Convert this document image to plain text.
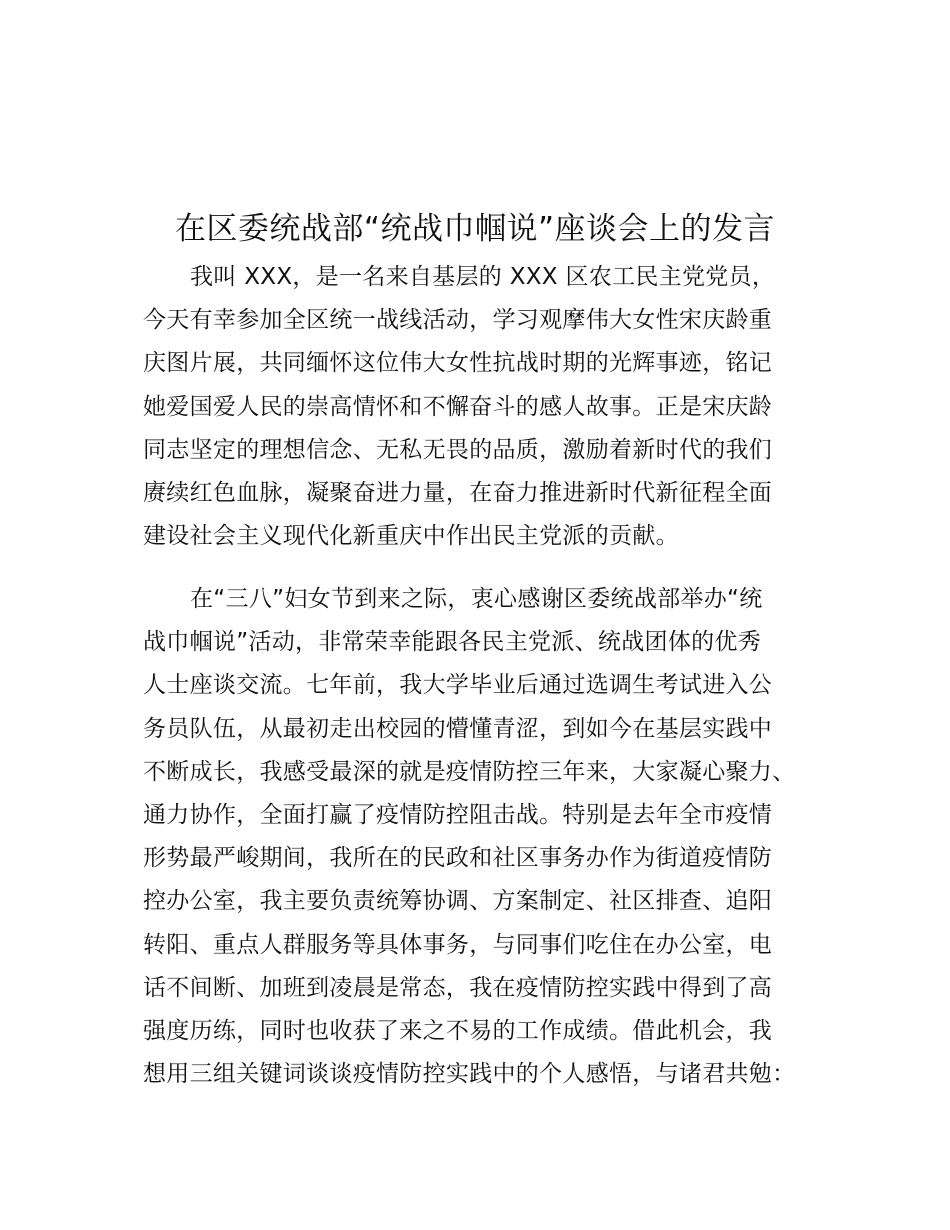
在区委统战部“统战巾帼说”座谈会上的发言
我叫 XXX，是一名来自基层的 XXX 区农工民主党党员，
今天有幸参加全区统一战线活动，学习观摩伟大女性宋庆龄重
庆图片展，共同缅怀这位伟大女性抗战时期的光辉事迹，铭记
她爱国爱人民的崇高情怀和不懈奋斗的感人故事。正是宋庆龄
同志坚定的理想信念、无私无畏的品质，激励着新时代的我们
赓续红色血脉，凝聚奋进力量，在奋力推进新时代新征程全面
建设社会主义现代化新重庆中作出民主党派的贡献。
在“三八”妇女节到来之际，衷心感谢区委统战部举办“统
战巾帼说”活动，非常荣幸能跟各民主党派、统战团体的优秀
人士座谈交流。七年前，我大学毕业后通过选调生考试进入公
务员队伍，从最初走出校园的懵懂青涩，到如今在基层实践中
不断成长，我感受最深的就是疫情防控三年来，大家凝心聚力、
通力协作，全面打赢了疫情防控阻击战。特别是去年全市疫情
形势最严峻期间，我所在的民政和社区事务办作为街道疫情防
控办公室，我主要负责统筹协调、方案制定、社区排查、追阳
转阳、重点人群服务等具体事务，与同事们吃住在办公室，电
话不间断、加班到凌晨是常态，我在疫情防控实践中得到了高
强度历练，同时也收获了来之不易的工作成绩。借此机会，我
想用三组关键词谈谈疫情防控实践中的个人感悟，与诸君共勉：
